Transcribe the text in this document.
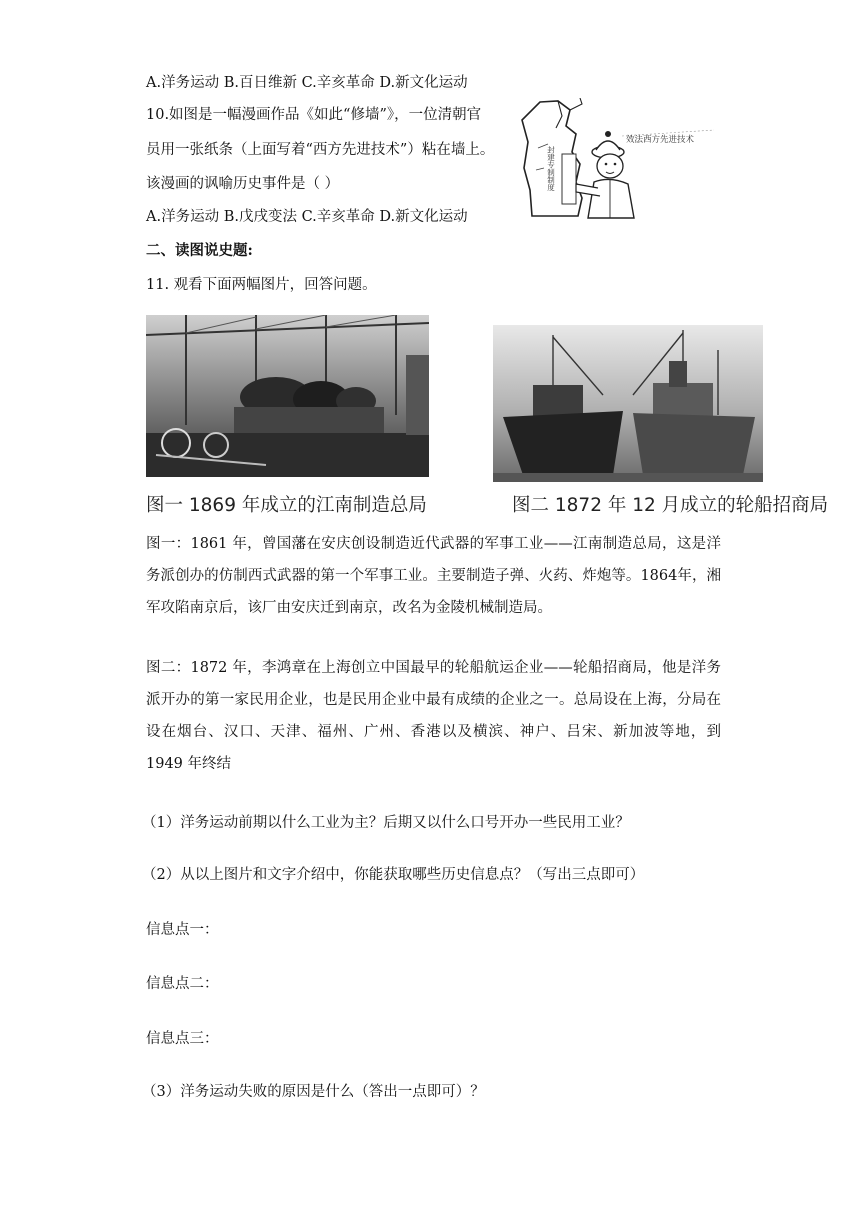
A.洋务运动 B.百日维新 C.辛亥革命 D.新文化运动
10.如图是一幅漫画作品《如此“修墙”》，一位清朝官
员用一张纸条（上面写着“西方先进技术”）粘在墙上。
该漫画的讽喻历史事件是（ ）
A.洋务运动 B.戊戌变法 C.辛亥革命 D.新文化运动
封建专制制度
效法西方先进技术
二、读图说史题:
11. 观看下面两幅图片，回答问题。
图一 1869 年成立的江南制造总局	图二 1872 年 12 月成立的轮船招商局
图一：1861 年，曾国藩在安庆创设制造近代武器的军事工业——江南制造总局，这是洋务派创办的仿制西式武器的第一个军事工业。主要制造子弹、火药、炸炮等。1864年，湘军攻陷南京后，该厂由安庆迁到南京，改名为金陵机械制造局。
图二：1872 年，李鸿章在上海创立中国最早的轮船航运企业——轮船招商局，他是洋务派开办的第一家民用企业，也是民用企业中最有成绩的企业之一。总局设在上海，分局在设在烟台、汉口、天津、福州、广州、香港以及横滨、神户、吕宋、新加波等地，到 1949 年终结
（1）洋务运动前期以什么工业为主？后期又以什么口号开办一些民用工业？
（2）从以上图片和文字介绍中，你能获取哪些历史信息点？（写出三点即可）
信息点一：
信息点二：
信息点三：
（3）洋务运动失败的原因是什么（答出一点即可）？
